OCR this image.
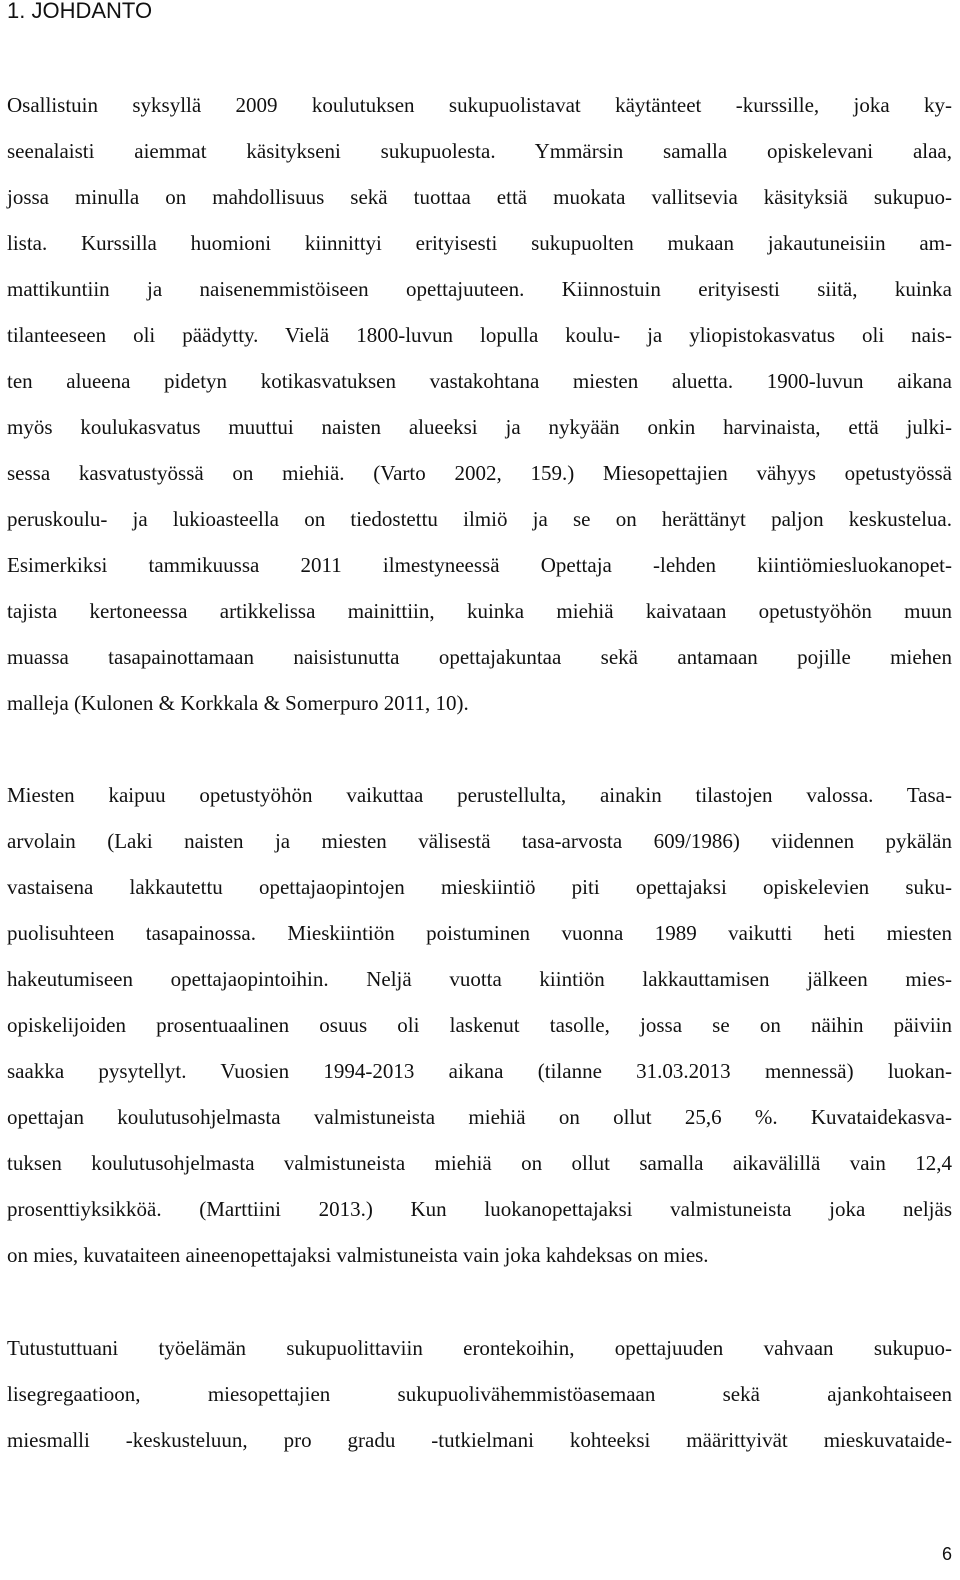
1. JOHDANTO
Osallistuin syksyllä 2009 koulutuksen sukupuolistavat käytänteet -kurssille, joka ky-
seenalaisti aiemmat käsitykseni sukupuolesta. Ymmärsin samalla opiskelevani alaa,
jossa minulla on mahdollisuus sekä tuottaa että muokata vallitsevia käsityksiä sukupuo-
lista. Kurssilla huomioni kiinnittyi erityisesti sukupuolten mukaan jakautuneisiin am-
mattikuntiin ja naisenemmistöiseen opettajuuteen. Kiinnostuin erityisesti siitä, kuinka
tilanteeseen oli päädytty. Vielä 1800-luvun lopulla koulu- ja yliopistokasvatus oli nais-
ten alueena pidetyn kotikasvatuksen vastakohtana miesten aluetta. 1900-luvun aikana
myös koulukasvatus muuttui naisten alueeksi ja nykyään onkin harvinaista, että julki-
sessa kasvatustyössä on miehiä. (Varto 2002, 159.) Miesopettajien vähyys opetustyössä
peruskoulu- ja lukioasteella on tiedostettu ilmiö ja se on herättänyt paljon keskustelua.
Esimerkiksi tammikuussa 2011 ilmestyneessä Opettaja -lehden kiintiömiesluokanopet-
tajista kertoneessa artikkelissa mainittiin, kuinka miehiä kaivataan opetustyöhön muun
muassa tasapainottamaan naisistunutta opettajakuntaa sekä antamaan pojille miehen
malleja (Kulonen & Korkkala & Somerpuro 2011, 10).
Miesten kaipuu opetustyöhön vaikuttaa perustellulta, ainakin tilastojen valossa. Tasa-
arvolain (Laki naisten ja miesten välisestä tasa-arvosta 609/1986) viidennen pykälän
vastaisena lakkautettu opettajaopintojen mieskiintiö piti opettajaksi opiskelevien suku-
puolisuhteen tasapainossa. Mieskiintiön poistuminen vuonna 1989 vaikutti heti miesten
hakeutumiseen opettajaopintoihin. Neljä vuotta kiintiön lakkauttamisen jälkeen mies-
opiskelijoiden prosentuaalinen osuus oli laskenut tasolle, jossa se on näihin päiviin
saakka pysytellyt. Vuosien 1994-2013 aikana (tilanne 31.03.2013 mennessä) luokan-
opettajan koulutusohjelmasta valmistuneista miehiä on ollut 25,6 %. Kuvataidekasva-
tuksen koulutusohjelmasta valmistuneista miehiä on ollut samalla aikavälillä vain 12,4
prosenttiyksikköä. (Marttiini 2013.) Kun luokanopettajaksi valmistuneista joka neljäs
on mies, kuvataiteen aineenopettajaksi valmistuneista vain joka kahdeksas on mies.
Tutustuttuani työelämän sukupuolittaviin erontekoihin, opettajuuden vahvaan sukupuo-
lisegregaatioon, miesopettajien sukupuolivähemmistöasemaan sekä ajankohtaiseen
miesmalli -keskusteluun, pro gradu -tutkielmani kohteeksi määrittyivät mieskuvataide-
6
